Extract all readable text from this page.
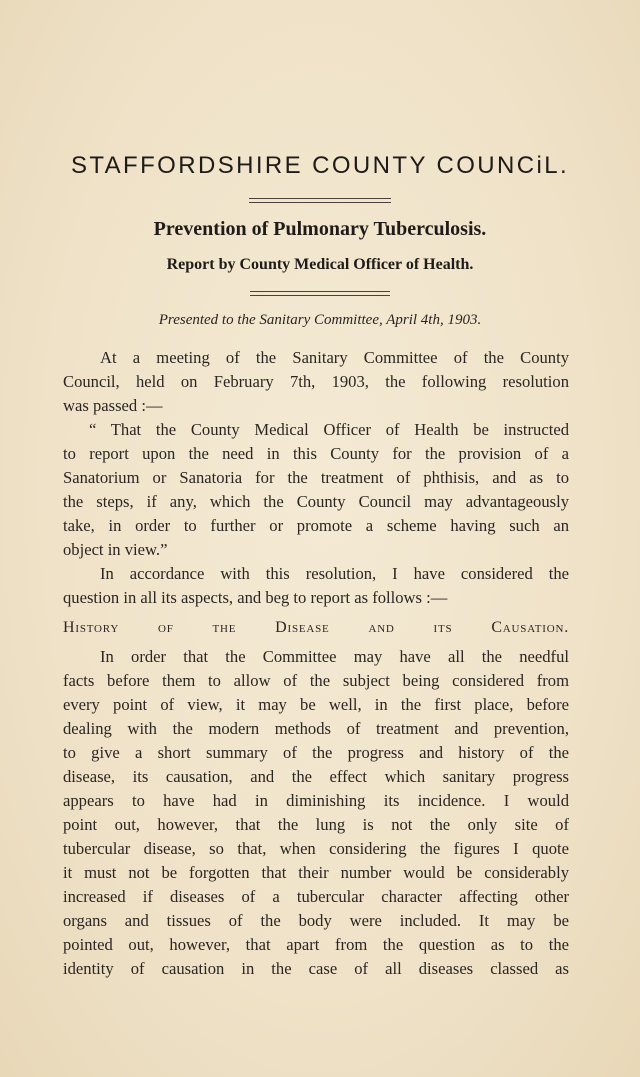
STAFFORDSHIRE COUNTY COUNCiL.
Prevention of Pulmonary Tuberculosis.
Report by County Medical Officer of Health.
Presented to the Sanitary Committee, April 4th, 1903.

At a meeting of the Sanitary Committee of the County

Council, held on February 7th, 1903, the following resolution

was passed :—

“ That the County Medical Officer of Health be instructed

to report upon the need in this County for the provision of a

Sanatorium or Sanatoria for the treatment of phthisis, and as to

the steps, if any, which the County Council may advantageously

take, in order to further or promote a scheme having such an

object in view.”

In accordance with this resolution, I have considered the

question in all its aspects, and beg to report as follows :—

History of the Disease and its Causation.

In order that the Committee may have all the needful

facts before them to allow of the subject being considered from

every point of view, it may be well, in the first place, before

dealing with the modern methods of treatment and prevention,

to give a short summary of the progress and history of the

disease, its causation, and the effect which sanitary progress

appears to have had in diminishing its incidence. I would

point out, however, that the lung is not the only site of

tubercular disease, so that, when considering the figures I quote

it must not be forgotten that their number would be considerably

increased if diseases of a tubercular character affecting other

organs and tissues of the body were included. It may be

pointed out, however, that apart from the question as to the

identity of causation in the case of all diseases classed as
